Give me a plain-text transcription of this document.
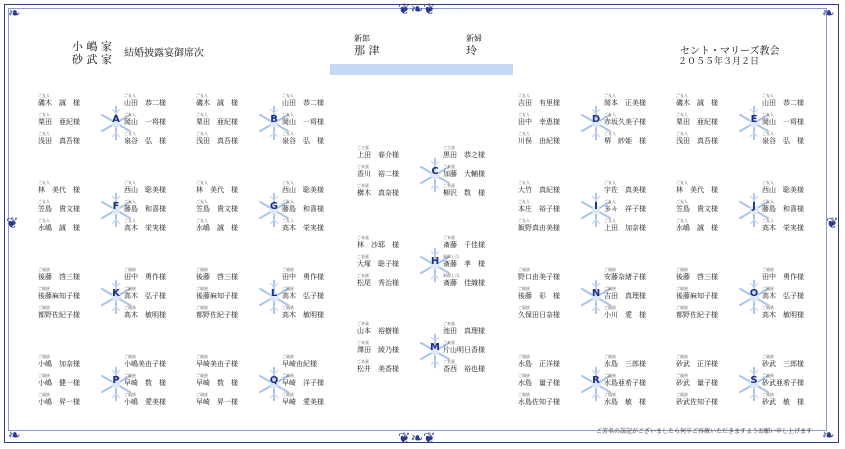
❦❧❦
❦❧❦
❧	❧
❧	❧
❦	❦
小 嶋 家
砂 武 家 結婚披露宴御席次
新郎
那 津
新婦
玲	セント・マリーズ教会
２０５５年３月２日
A
ご友人
磯木　誠　様
ご友人
栗田　亜紀様
ご友人
浅田　真吾様
ご友人
山田　恭二様
ご友人
岡山　一将様
ご友人
泉谷　弘　様
B
ご友人
磯木　誠　様
ご友人
栗田　亜紀様
ご友人
浅田　真吾様
ご友人
山田　恭二様
ご友人
岡山　一将様
ご友人
泉谷　弘　様
C
ご主賓
上田　春介様
ご来賓
香川　裕二様
ご来賓
横木　真奈様
ご主賓
黒田　恭之様
ご来賓
加藤　大輔様
ご来賓
柳沢　数　様
D
ご友人
吉田　有里様
ご友人
田中　幸恵様
ご友人
川俣　由紀様
ご友人
岡本　正美様
ご友人
赤坂久美子様
ご友人
堺　紗姫　様
E
ご友人
磯木　誠　様
ご友人
栗田　亜紀様
ご友人
浅田　真吾様
ご友人
山田　恭二様
ご友人
岡山　一将様
ご友人
泉谷　弘　様
F
ご友人
林　美代　様
ご友人
笠島　貴文様
ご友人
水嶋　誠　様
ご友人
西山　聡美様
ご友人
藤島　和喜様
ご友人
高木　栄実様
G
ご友人
林　美代　様
ご友人
笠島　貴文様
ご友人
水嶋　誠　様
ご友人
西山　聡美様
ご友人
藤島　和喜様
ご友人
高木　栄実様
H
ご来賓
林　沙耶　様
ご来賓
大塚　聡子様
ご来賓
松尾　秀治様
ご来賓
斎藤　千佳様
新郎上司
斎藤　孝　様
新郎上司
斎藤　佳織様
I
ご友人
大竹　真紀様
ご友人
本庄　裕子様
ご友人
飯野真由美様
ご友人
宇佐　真美様
ご友人
多々　祥子様
ご友人
上田　加奈様
J
ご友人
林　美代　様
ご友人
笠島　貴文様
ご友人
水嶋　誠　様
ご友人
西山　聡美様
ご友人
藤島　和喜様
ご友人
高木　栄実様
K
ご親族
後藤　啓三様
ご親族
後藤麻知子様
ご親族
都野佐紀子様
ご親族
田中　勇作様
ご親族
高木　弘子様
ご親族
高木　敏明様
L
ご親族
後藤　啓三様
ご親族
後藤麻知子様
ご親族
都野佐紀子様
ご親族
田中　勇作様
ご親族
高木　弘子様
ご親族
高木　敏明様
M
ご来賓
山本　裕樹様
ご来賓
澤田　綾乃様
ご来賓
松井　美香様
ご来賓
池田　真理様
ご来賓
片山明日香様
ご来賓
香西　裕也様
N
ご親族
野口由美子様
ご親族
後藤　彩　様
ご親族
久保田日奈様
ご親族
安藤奈緒子様
ご親族
吉田　真理様
ご親族
小川　愛　様
O
ご親族
後藤　啓三様
ご親族
後藤麻知子様
ご親族
都野佐紀子様
ご親族
田中　勇作様
ご親族
高木　弘子様
ご親族
高木　敏明様
P
ご親族
小嶋　加奈様
ご親族
小嶋　健一様
ご親族
小嶋　昇一様
ご親族
小嶋美由子様
ご親族
早崎　数　様
ご親族
小嶋　愛美様
Q
ご親族
早崎美由子様
ご親族
早崎　数　様
ご親族
早崎　昇一様
ご親族
早崎由紀様
ご親族
早崎　洋子様
ご親族
早崎　愛美様
R
ご親族
水島　正洋様
ご親族
水島　量子様
ご親族
水島佐知子様
ご親族
水島　三郎様
ご親族
水島亜希子様
ご親族
水島　敏　様
S
ご親族
砂武　正洋様
ご親族
砂武　量子様
ご親族
砂武佐知子様
ご親族
砂武　三郎様
ご親族
砂武亜希子様
ご親族
砂武　敏　様
ご芳名の誤記がございましたら何卒ご容赦いただきますようお願い申し上げます
